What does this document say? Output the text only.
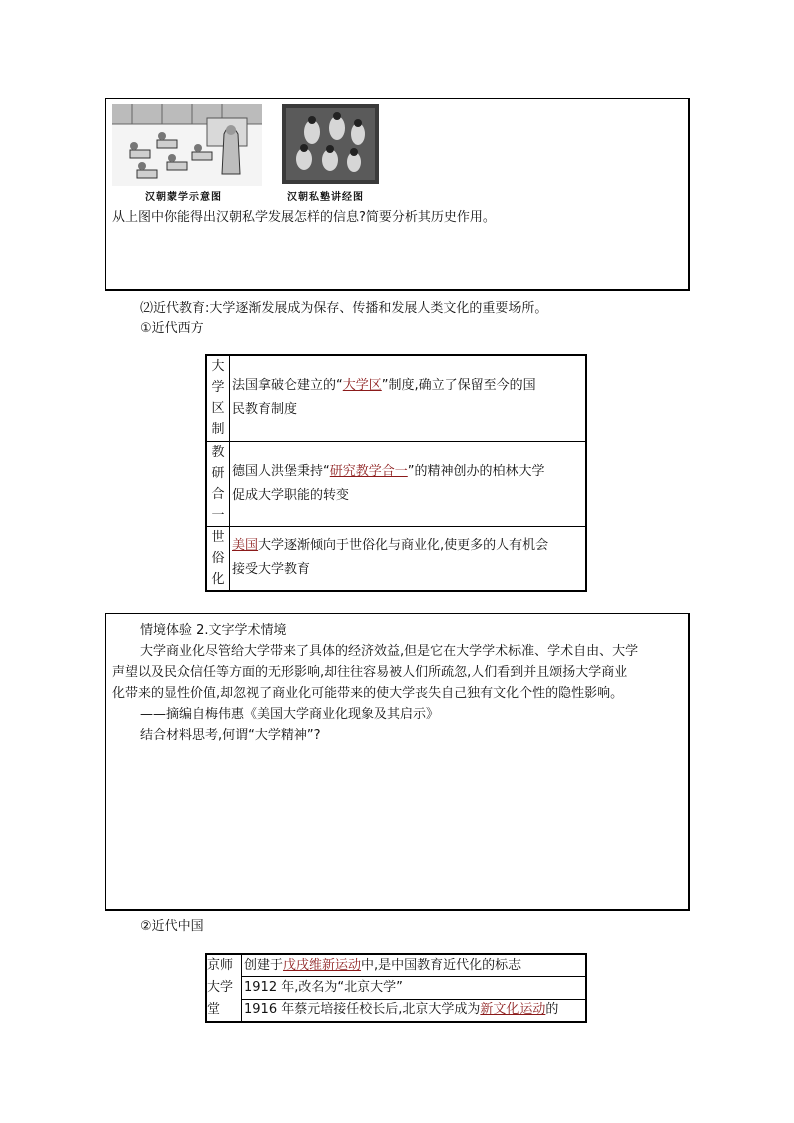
汉朝蒙学示意图	汉朝私塾讲经图
从上图中你能得出汉朝私学发展怎样的信息?简要分析其历史作用。
⑵近代教育:大学逐渐发展成为保存、传播和发展人类文化的重要场所。
①近代西方
大
学
区
制	法国拿破仑建立的“大学区”制度,确立了保留至今的国
民教育制度

教
研
合
一	德国人洪堡秉持“研究教学合一”的精神创办的柏林大学
促成大学职能的转变

世
俗
化	美国大学逐渐倾向于世俗化与商业化,使更多的人有机会
接受大学教育
情境体验 2.文字学术情境
大学商业化尽管给大学带来了具体的经济效益,但是它在大学学术标准、学术自由、大学
声望以及民众信任等方面的无形影响,却往往容易被人们所疏忽,人们看到并且颂扬大学商业
化带来的显性价值,却忽视了商业化可能带来的使大学丧失自己独有文化个性的隐性影响。
——摘编自梅伟惠《美国大学商业化现象及其启示》
结合材料思考,何谓“大学精神”?
②近代中国
京师
大学
堂	创建于戊戌维新运动中,是中国教育近代化的标志
1912 年,改名为“北京大学”
1916 年蔡元培接任校长后,北京大学成为新文化运动的
